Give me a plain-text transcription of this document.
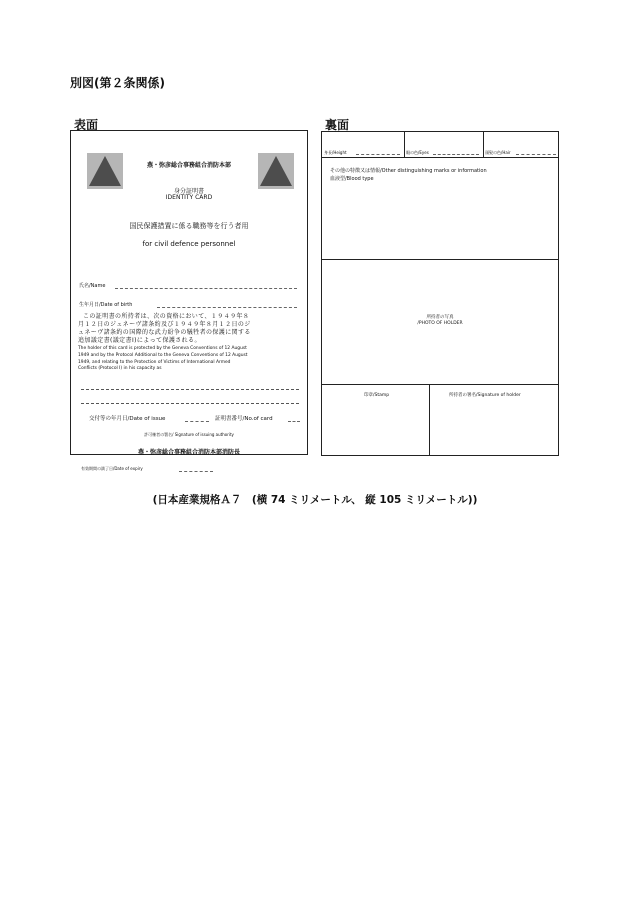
別図(第２条関係)
表面	裏面
燕・弥彦総合事務組合消防本部
身分証明書
IDENTITY CARD
国民保護措置に係る職務等を行う者用
for civil defence personnel
氏名/Name
生年月日/Date of birth
この証明書の所持者は、次の資格において、１９４９年８
月１２日のジュネーヴ諸条約及び１９４９年８月１２日のジ
ュネーヴ諸条約の国際的な武力紛争の犠牲者の保護に関する
追加議定書(議定書Ⅰ)によって保護される。
The holder of this card is protected by the Geneva Conventions of 12 August
1949 and by the Protocol Additional to the Geneva Conventions of 12 August
1949, and relating to the Protection of Victims of International Armed
Conflicts (Protocol I) in his capacity as
交付等の年月日/Date of issue	証明書番号/No.of card
許可権者の署名/ Signature of issuing authority
燕・弥彦総合事務組合消防本部消防長
有効期間の満了日/Date of expiry
身長/Height	眼の色/Eyes	頭髪の色/Hair
その他の特徴又は情報/Other distinguishing marks or information
血液型/Blood type
所持者の写真
/PHOTO OF HOLDER
印章/Stamp	所持者の署名/Signature of holder
(日本産業規格Ａ７　(横 74 ミリメートル、 縦 105 ミリメートル))
